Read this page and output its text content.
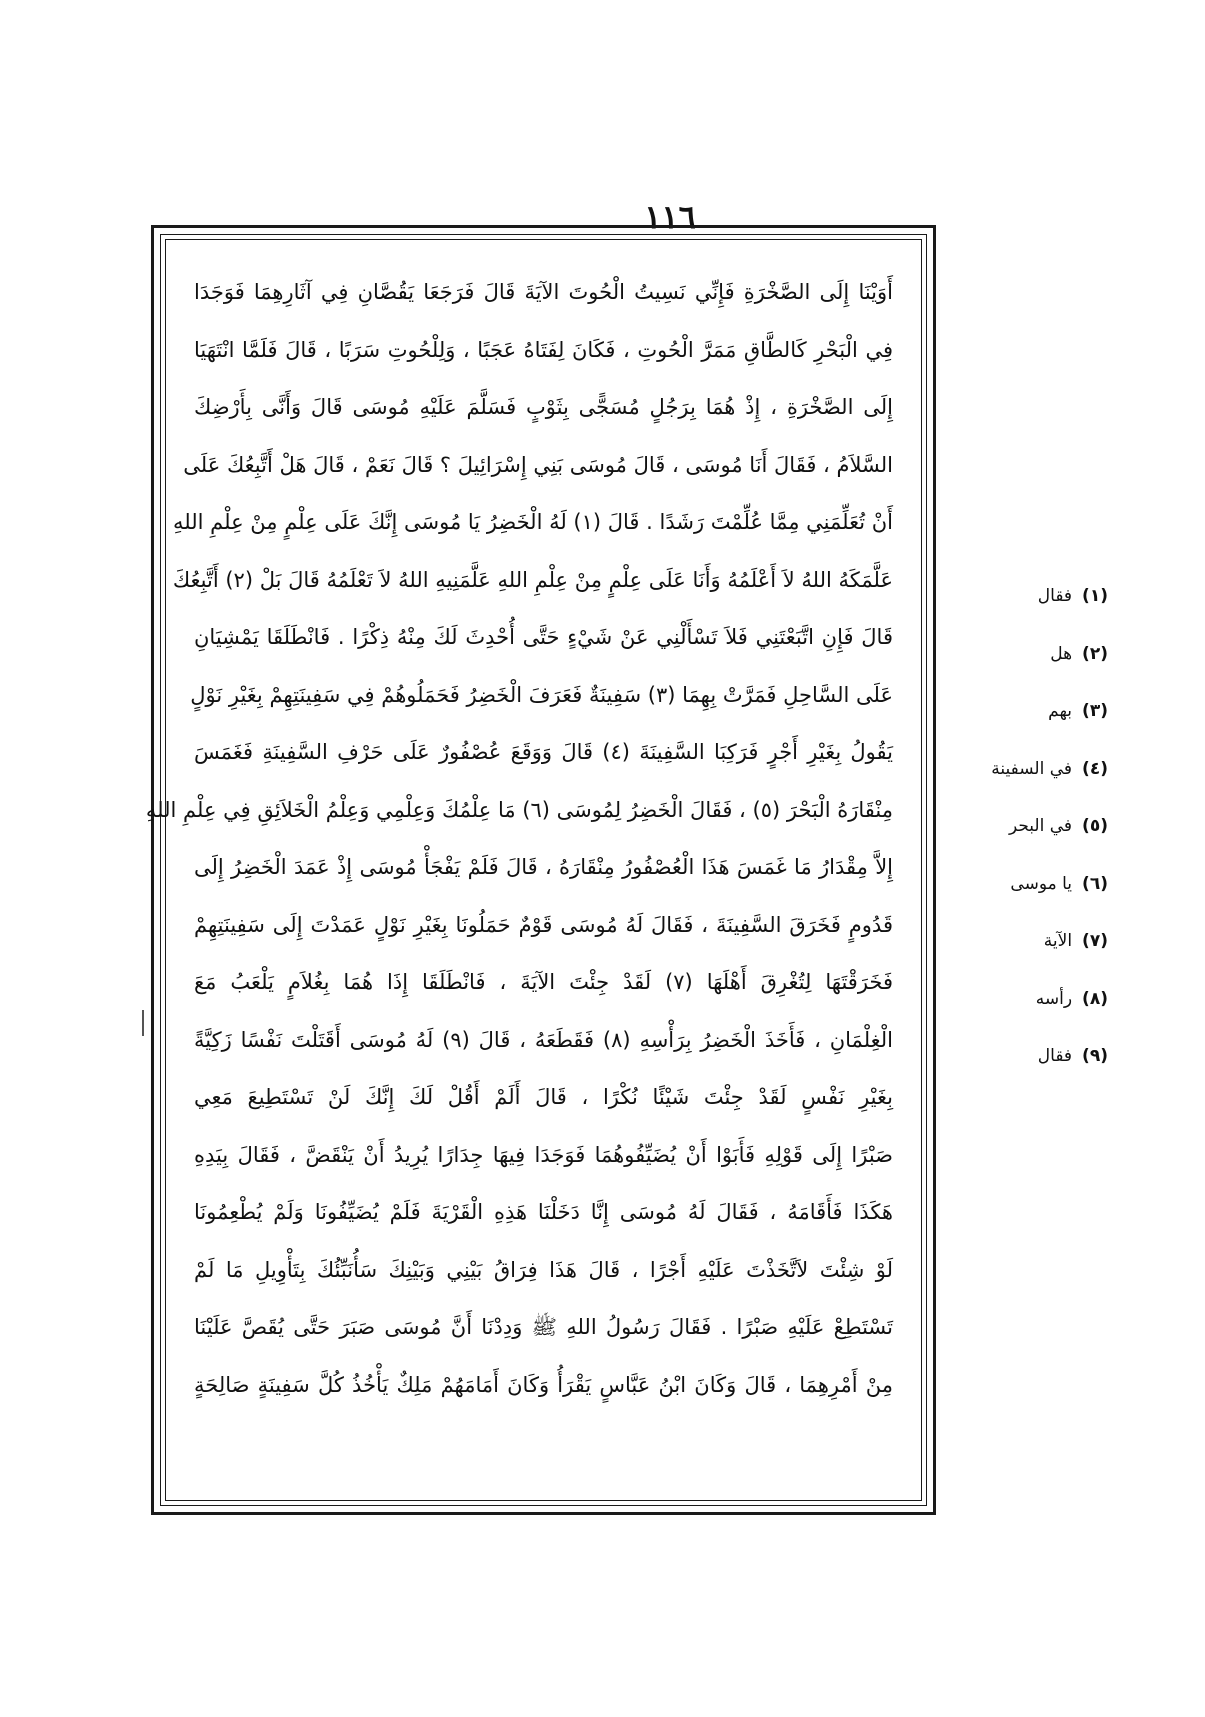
١١٦
أَوَيْنَا إِلَى الصَّخْرَةِ فَإِنِّي نَسِيتُ الْحُوتَ الآيَةَ قَالَ فَرَجَعَا يَقُصَّانِ فِي آثَارِهِمَا فَوَجَدَا
فِي الْبَحْرِ كَالطَّاقِ مَمَرَّ الْحُوتِ ، فَكَانَ لِفَتَاهُ عَجَبًا ، وَلِلْحُوتِ سَرَبًا ، قَالَ فَلَمَّا انْتَهَيَا
إِلَى الصَّخْرَةِ ، إِذْ هُمَا بِرَجُلٍ مُسَجًّى بِثَوْبٍ فَسَلَّمَ عَلَيْهِ مُوسَى قَالَ وَأَنَّى بِأَرْضِكَ
السَّلاَمُ ، فَقَالَ أَنَا مُوسَى ، قَالَ مُوسَى بَنِي إِسْرَائِيلَ ؟ قَالَ نَعَمْ ، قَالَ هَلْ أَتَّبِعُكَ عَلَى
أَنْ تُعَلِّمَنِي مِمَّا عُلِّمْتَ رَشَدًا . قَالَ (١) لَهُ الْخَضِرُ يَا مُوسَى إِنَّكَ عَلَى عِلْمٍ مِنْ عِلْمِ اللهِ
عَلَّمَكَهُ اللهُ لاَ أَعْلَمُهُ وَأَنَا عَلَى عِلْمٍ مِنْ عِلْمِ اللهِ عَلَّمَنِيهِ اللهُ لاَ تَعْلَمُهُ قَالَ بَلْ (٢) أَتَّبِعُكَ
قَالَ فَإِنِ اتَّبَعْتَنِي فَلاَ تَسْأَلْنِي عَنْ شَيْءٍ حَتَّى أُحْدِثَ لَكَ مِنْهُ ذِكْرًا . فَانْطَلَقَا يَمْشِيَانِ
عَلَى السَّاحِلِ فَمَرَّتْ بِهِمَا (٣) سَفِينَةٌ فَعَرَفَ الْخَضِرُ فَحَمَلُوهُمْ فِي سَفِينَتِهِمْ بِغَيْرِ نَوْلٍ
يَقُولُ بِغَيْرِ أَجْرٍ فَرَكِبَا السَّفِينَةَ (٤) قَالَ وَوَقَعَ عُصْفُورٌ عَلَى حَرْفِ السَّفِينَةِ فَغَمَسَ
مِنْقَارَهُ الْبَحْرَ (٥) ، فَقَالَ الْخَضِرُ لِمُوسَى (٦) مَا عِلْمُكَ وَعِلْمِي وَعِلْمُ الْخَلاَئِقِ فِي عِلْمِ اللهِ
إِلاَّ مِقْدَارُ مَا غَمَسَ هَذَا الْعُصْفُورُ مِنْقَارَهُ ، قَالَ فَلَمْ يَفْجَأْ مُوسَى إِذْ عَمَدَ الْخَضِرُ إِلَى
قَدُومٍ فَخَرَقَ السَّفِينَةَ ، فَقَالَ لَهُ مُوسَى قَوْمٌ حَمَلُونَا بِغَيْرِ نَوْلٍ عَمَدْتَ إِلَى سَفِينَتِهِمْ
فَخَرَقْتَهَا لِتُغْرِقَ أَهْلَهَا (٧) لَقَدْ جِئْتَ الآيَةَ ، فَانْطَلَقَا إِذَا هُمَا بِغُلاَمٍ يَلْعَبُ مَعَ
الْغِلْمَانِ ، فَأَخَذَ الْخَضِرُ بِرَأْسِهِ (٨) فَقَطَعَهُ ، قَالَ (٩) لَهُ مُوسَى أَقَتَلْتَ نَفْسًا زَكِيَّةً
بِغَيْرِ نَفْسٍ لَقَدْ جِئْتَ شَيْئًا نُكْرًا ، قَالَ أَلَمْ أَقُلْ لَكَ إِنَّكَ لَنْ تَسْتَطِيعَ مَعِي
صَبْرًا إِلَى قَوْلِهِ فَأَبَوْا أَنْ يُضَيِّفُوهُمَا فَوَجَدَا فِيهَا جِدَارًا يُرِيدُ أَنْ يَنْقَضَّ ، فَقَالَ بِيَدِهِ
هَكَذَا فَأَقَامَهُ ، فَقَالَ لَهُ مُوسَى إِنَّا دَخَلْنَا هَذِهِ الْقَرْيَةَ فَلَمْ يُضَيِّفُونَا وَلَمْ يُطْعِمُونَا
لَوْ شِئْتَ لاَتَّخَذْتَ عَلَيْهِ أَجْرًا ، قَالَ هَذَا فِرَاقُ بَيْنِي وَبَيْنِكَ سَأُنَبِّئُكَ بِتَأْوِيلِ مَا لَمْ
تَسْتَطِعْ عَلَيْهِ صَبْرًا . فَقَالَ رَسُولُ اللهِ ﷺ وَدِدْنَا أَنَّ مُوسَى صَبَرَ حَتَّى يُقَصَّ عَلَيْنَا
مِنْ أَمْرِهِمَا ، قَالَ وَكَانَ ابْنُ عَبَّاسٍ يَقْرَأُ وَكَانَ أَمَامَهُمْ مَلِكٌ يَأْخُذُ كُلَّ سَفِينَةٍ صَالِحَةٍ
(١)فقال
(٢)هل
(٣)بهم
(٤)في السفينة
(٥)في البحر
(٦)يا موسى
(٧)الآية
(٨)رأسه
(٩)فقال
